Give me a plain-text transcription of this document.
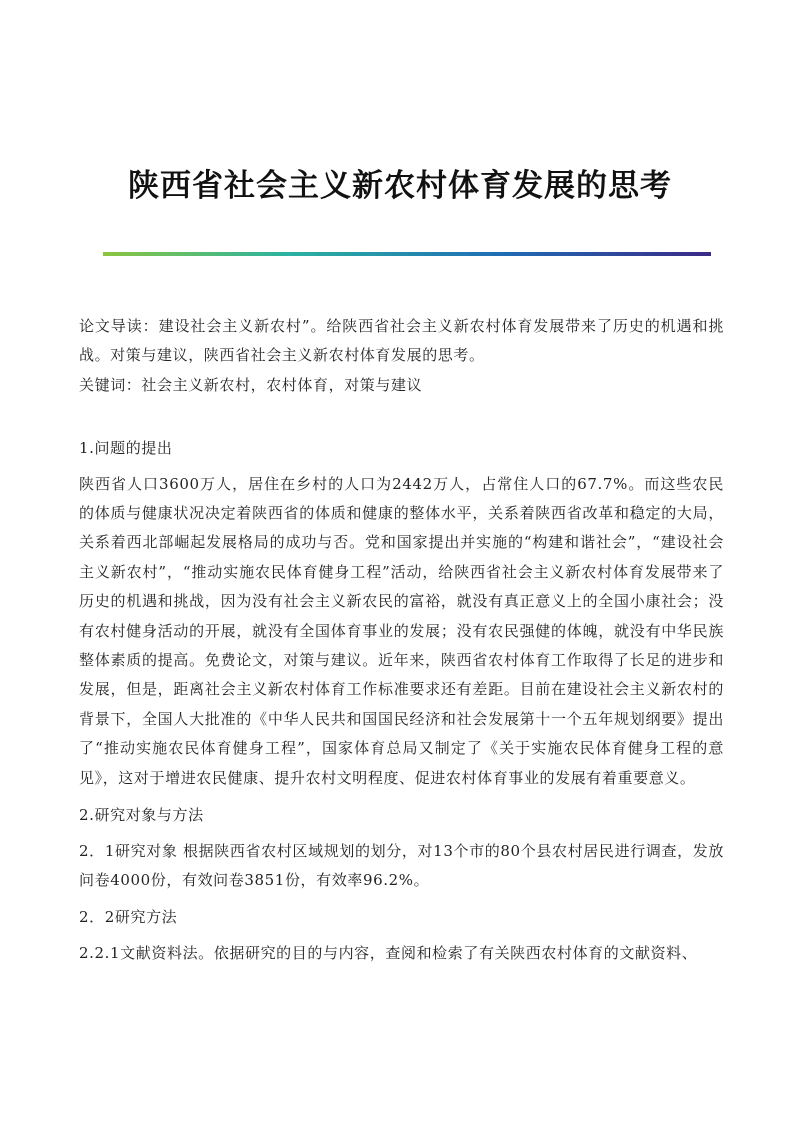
陕西省社会主义新农村体育发展的思考

论文导读：建设社会主义新农村”。给陕西省社会主义新农村体育发展带来了历史的机遇和挑战。对策与建议，陕西省社会主义新农村体育发展的思考。

关键词：社会主义新农村，农村体育，对策与建议

1.问题的提出

陕西省人口3600万人，居住在乡村的人口为2442万人，占常住人口的67.7%。而这些农民的体质与健康状况决定着陕西省的体质和健康的整体水平，关系着陕西省改革和稳定的大局，关系着西北部崛起发展格局的成功与否。党和国家提出并实施的“构建和谐社会”，“建设社会主义新农村”，“推动实施农民体育健身工程”活动，给陕西省社会主义新农村体育发展带来了历史的机遇和挑战，因为没有社会主义新农民的富裕，就没有真正意义上的全国小康社会；没有农村健身活动的开展，就没有全国体育事业的发展；没有农民强健的体魄，就没有中华民族整体素质的提高。免费论文，对策与建议。近年来，陕西省农村体育工作取得了长足的进步和发展，但是，距离社会主义新农村体育工作标准要求还有差距。目前在建设社会主义新农村的背景下，全国人大批准的《中华人民共和国国民经济和社会发展第十一个五年规划纲要》提出了“推动实施农民体育健身工程”，国家体育总局又制定了《关于实施农民体育健身工程的意见》，这对于增进农民健康、提升农村文明程度、促进农村体育事业的发展有着重要意义。

2.研究对象与方法

2．1研究对象 根据陕西省农村区域规划的划分，对13个市的80个县农村居民进行调查，发放问卷4000份，有效问卷3851份，有效率96.2%。

2．2研究方法

2.2.1文献资料法。依据研究的目的与内容，查阅和检索了有关陕西农村体育的文献资料、
